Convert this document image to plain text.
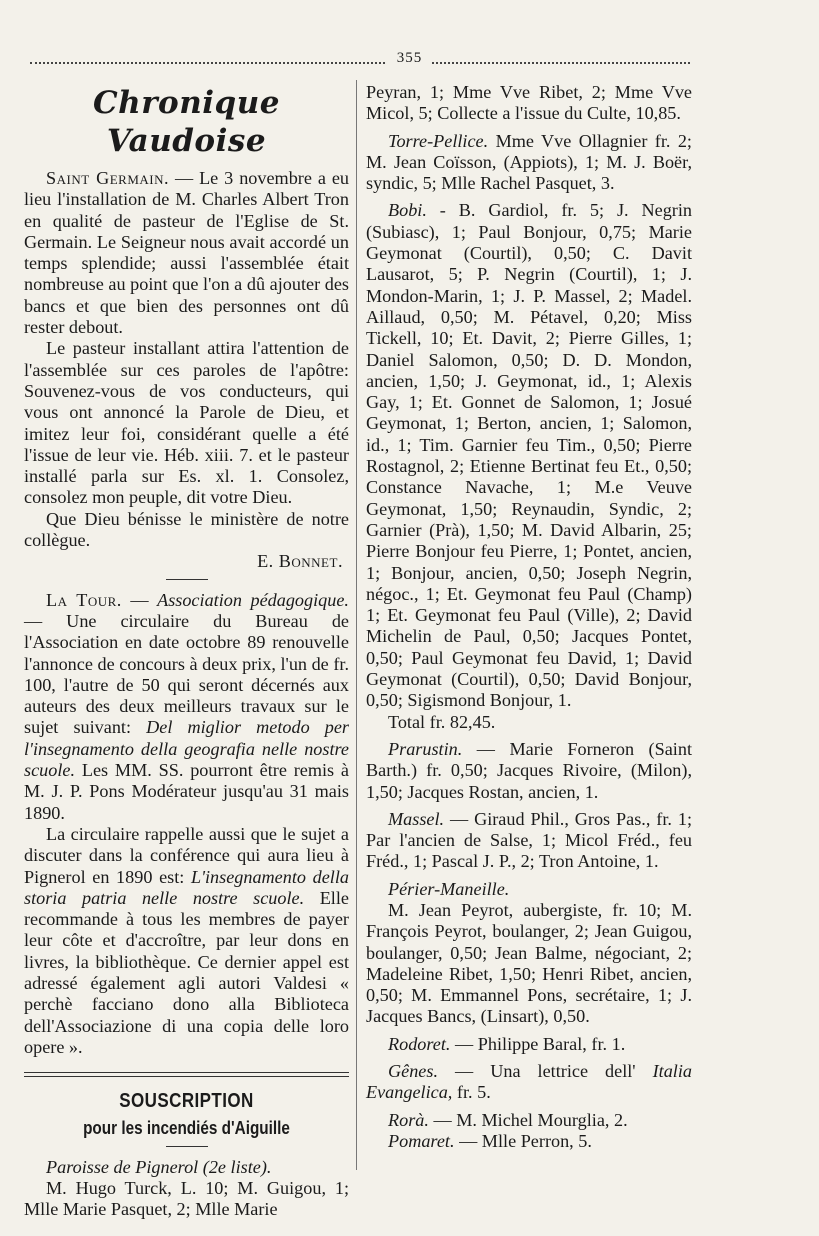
355
Chronique Vaudoise

Saint Germain. — Le 3 novembre a eu lieu l'installation de M. Charles Albert Tron en qualité de pasteur de l'Eglise de St. Germain. Le Seigneur nous avait accordé un temps splendide; aussi l'assemblée était nombreuse au point que l'on a dû ajouter des bancs et que bien des personnes ont dû rester debout.

Le pasteur installant attira l'attention de l'assemblée sur ces paroles de l'apôtre: Souvenez-vous de vos conducteurs, qui vous ont annoncé la Parole de Dieu, et imitez leur foi, considérant quelle a été l'issue de leur vie. Héb. xiii. 7. et le pasteur installé parla sur Es. xl. 1. Consolez, consolez mon peuple, dit votre Dieu.

Que Dieu bénisse le ministère de notre collègue.

E. Bonnet.

La Tour. — Association pédagogique. — Une circulaire du Bureau de l'Association en date octobre 89 renouvelle l'annonce de concours à deux prix, l'un de fr. 100, l'autre de 50 qui seront décernés aux auteurs des deux meilleurs travaux sur le sujet suivant: Del miglior metodo per l'insegnamento della geografia nelle nostre scuole. Les MM. SS. pourront être remis à M. J. P. Pons Modérateur jusqu'au 31 mais 1890.

La circulaire rappelle aussi que le sujet a discuter dans la conférence qui aura lieu à Pignerol en 1890 est: L'insegnamento della storia patria nelle nostre scuole. Elle recommande à tous les membres de payer leur côte et d'accroître, par leur dons en livres, la bibliothèque. Ce dernier appel est adressé également agli autori Valdesi « perchè facciano dono alla Biblioteca dell'Associazione di una copia delle loro opere ».

SOUSCRIPTION
pour les incendiés d'Aiguille

Paroisse de Pignerol (2e liste).

M. Hugo Turck, L. 10; M. Guigou, 1; Mlle Marie Pasquet, 2; Mlle Marie

Peyran, 1; Mme Vve Ribet, 2; Mme Vve Micol, 5; Collecte a l'issue du Culte, 10,85.

Torre-Pellice. Mme Vve Ollagnier fr. 2; M. Jean Coïsson, (Appiots), 1; M. J. Boër, syndic, 5; Mlle Rachel Pasquet, 3.

Bobi. - B. Gardiol, fr. 5; J. Negrin (Subiasc), 1; Paul Bonjour, 0,75; Marie Geymonat (Courtil), 0,50; C. Davit Lausarot, 5; P. Negrin (Courtil), 1; J. Mondon-Marin, 1; J. P. Massel, 2; Madel. Aillaud, 0,50; M. Pétavel, 0,20; Miss Tickell, 10; Et. Davit, 2; Pierre Gilles, 1; Daniel Salomon, 0,50; D. D. Mondon, ancien, 1,50; J. Geymonat, id., 1; Alexis Gay, 1; Et. Gonnet de Salomon, 1; Josué Geymonat, 1; Berton, ancien, 1; Salomon, id., 1; Tim. Garnier feu Tim., 0,50; Pierre Rostagnol, 2; Etienne Bertinat feu Et., 0,50; Constance Navache, 1; M.e Veuve Geymonat, 1,50; Reynaudin, Syndic, 2; Garnier (Prà), 1,50; M. David Albarin, 25; Pierre Bonjour feu Pierre, 1; Pontet, ancien, 1; Bonjour, ancien, 0,50; Joseph Negrin, négoc., 1; Et. Geymonat feu Paul (Champ) 1; Et. Geymonat feu Paul (Ville), 2; David Michelin de Paul, 0,50; Jacques Pontet, 0,50; Paul Geymonat feu David, 1; David Geymonat (Courtil), 0,50; David Bonjour, 0,50; Sigismond Bonjour, 1.

Total fr. 82,45.

Prarustin. — Marie Forneron (Saint Barth.) fr. 0,50; Jacques Rivoire, (Milon), 1,50; Jacques Rostan, ancien, 1.

Massel. — Giraud Phil., Gros Pas., fr. 1; Par l'ancien de Salse, 1; Micol Fréd., feu Fréd., 1; Pascal J. P., 2; Tron Antoine, 1.

Périer-Maneille.

M. Jean Peyrot, aubergiste, fr. 10; M. François Peyrot, boulanger, 2; Jean Guigou, boulanger, 0,50; Jean Balme, négociant, 2; Madeleine Ribet, 1,50; Henri Ribet, ancien, 0,50; M. Emmannel Pons, secrétaire, 1; J. Jacques Bancs, (Linsart), 0,50.

Rodoret. — Philippe Baral, fr. 1.

Gênes. — Una lettrice dell' Italia Evangelica, fr. 5.

Rorà. — M. Michel Mourglia, 2.

Pomaret. — Mlle Perron, 5.
